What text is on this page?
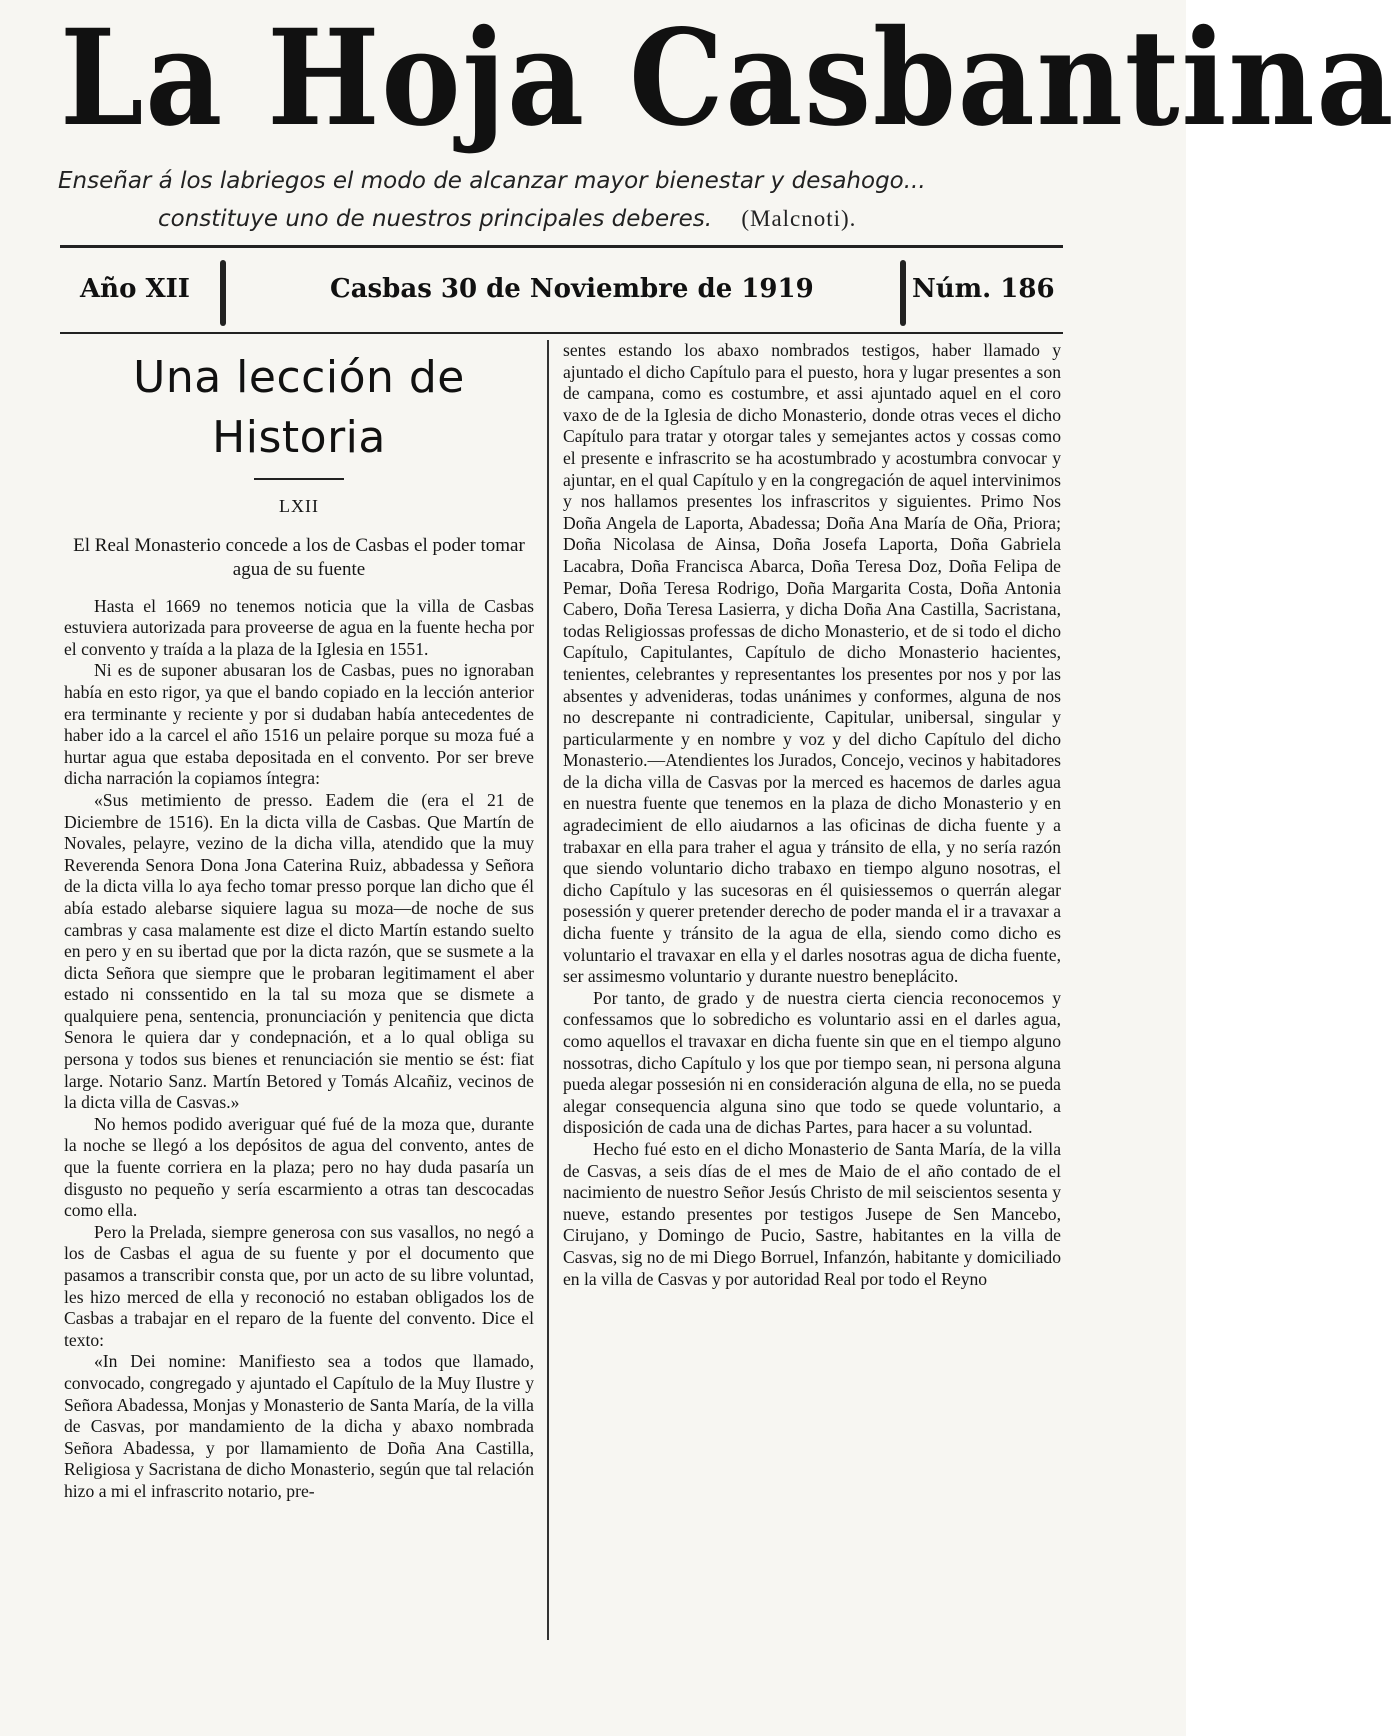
La Hoja Casbantina
Enseñar á los labriegos el modo de alcanzar mayor bienestar y desahogo...
constituye uno de nuestros principales deberes. (Malcnoti).
Año XII	Casbas 30 de Noviembre de 1919	Núm. 186
Una lección de Historia
LXII
El Real Monasterio concede a los de Casbas el poder tomar agua de su fuente

Hasta el 1669 no tenemos noticia que la villa de Casbas estuviera autorizada para proveerse de agua en la fuente hecha por el convento y traída a la plaza de la Iglesia en 1551.

Ni es de suponer abusaran los de Casbas, pues no ignoraban había en esto rigor, ya que el bando copiado en la lección anterior era terminante y reciente y por si dudaban había antecedentes de haber ido a la carcel el año 1516 un pelaire porque su moza fué a hurtar agua que estaba depositada en el convento. Por ser breve dicha narración la copiamos íntegra:

«Sus metimiento de presso. Eadem die (era el 21 de Diciembre de 1516). En la dicta villa de Casbas. Que Martín de Novales, pelayre, vezino de la dicha villa, atendido que la muy Reverenda Senora Dona Jona Caterina Ruiz, abbadessa y Señora de la dicta villa lo aya fecho tomar presso porque lan dicho que él abía estado alebarse siquiere lagua su moza—de noche de sus cambras y casa malamente est dize el dicto Martín estando suelto en pero y en su ibertad que por la dicta razón, que se susmete a la dicta Señora que siempre que le probaran legitimament el aber estado ni conssentido en la tal su moza que se dismete a qualquiere pena, sentencia, pronunciación y penitencia que dicta Senora le quiera dar y condepnación, et a lo qual obliga su persona y todos sus bienes et renunciación sie mentio se ést: fiat large. Notario Sanz. Martín Betored y Tomás Alcañiz, vecinos de la dicta villa de Casvas.»

No hemos podido averiguar qué fué de la moza que, durante la noche se llegó a los depósitos de agua del convento, antes de que la fuente corriera en la plaza; pero no hay duda pasaría un disgusto no pequeño y sería escarmiento a otras tan descocadas como ella.

Pero la Prelada, siempre generosa con sus vasallos, no negó a los de Casbas el agua de su fuente y por el documento que pasamos a transcribir consta que, por un acto de su libre voluntad, les hizo merced de ella y reconoció no estaban obligados los de Casbas a trabajar en el reparo de la fuente del convento. Dice el texto:

«In Dei nomine: Manifiesto sea a todos que llamado, convocado, congregado y ajuntado el Capítulo de la Muy Ilustre y Señora Abadessa, Monjas y Monasterio de Santa María, de la villa de Casvas, por mandamiento de la dicha y abaxo nombrada Señora Abadessa, y por llamamiento de Doña Ana Castilla, Religiosa y Sacristana de dicho Monasterio, según que tal relación hizo a mi el infrascrito notario, pre-

sentes estando los abaxo nombrados testigos, haber llamado y ajuntado el dicho Capítulo para el puesto, hora y lugar presentes a son de campana, como es costumbre, et assi ajuntado aquel en el coro vaxo de de la Iglesia de dicho Monasterio, donde otras veces el dicho Capítulo para tratar y otorgar tales y semejantes actos y cossas como el presente e infrascrito se ha acostumbrado y acostumbra convocar y ajuntar, en el qual Capítulo y en la congregación de aquel intervinimos y nos hallamos presentes los infrascritos y siguientes. Primo Nos Doña Angela de Laporta, Abadessa; Doña Ana María de Oña, Priora; Doña Nicolasa de Ainsa, Doña Josefa Laporta, Doña Gabriela Lacabra, Doña Francisca Abarca, Doña Teresa Doz, Doña Felipa de Pemar, Doña Teresa Rodrigo, Doña Margarita Costa, Doña Antonia Cabero, Doña Teresa Lasierra, y dicha Doña Ana Castilla, Sacristana, todas Religiossas professas de dicho Monasterio, et de si todo el dicho Capítulo, Capitulantes, Capítulo de dicho Monasterio hacientes, tenientes, celebrantes y representantes los presentes por nos y por las absentes y advenideras, todas unánimes y conformes, alguna de nos no descrepante ni contradiciente, Capitular, unibersal, singular y particularmente y en nombre y voz y del dicho Capítulo del dicho Monasterio.—Atendientes los Jurados, Concejo, vecinos y habitadores de la dicha villa de Casvas por la merced es hacemos de darles agua en nuestra fuente que tenemos en la plaza de dicho Monasterio y en agradecimient de ello aiudarnos a las oficinas de dicha fuente y a trabaxar en ella para traher el agua y tránsito de ella, y no sería razón que siendo voluntario dicho trabaxo en tiempo alguno nosotras, el dicho Capítulo y las sucesoras en él quisiessemos o querrán alegar posessión y querer pretender derecho de poder manda el ir a travaxar a dicha fuente y tránsito de la agua de ella, siendo como dicho es voluntario el travaxar en ella y el darles nosotras agua de dicha fuente, ser assimesmo voluntario y durante nuestro beneplácito.

Por tanto, de grado y de nuestra cierta ciencia reconocemos y confessamos que lo sobredicho es voluntario assi en el darles agua, como aquellos el travaxar en dicha fuente sin que en el tiempo alguno nossotras, dicho Capítulo y los que por tiempo sean, ni persona alguna pueda alegar possesión ni en consideración alguna de ella, no se pueda alegar consequencia alguna sino que todo se quede voluntario, a disposición de cada una de dichas Partes, para hacer a su voluntad.

Hecho fué esto en el dicho Monasterio de Santa María, de la villa de Casvas, a seis días de el mes de Maio de el año contado de el nacimiento de nuestro Señor Jesús Christo de mil seiscientos sesenta y nueve, estando presentes por testigos Jusepe de Sen Mancebo, Cirujano, y Domingo de Pucio, Sastre, habitantes en la villa de Casvas, sig no de mi Diego Borruel, Infanzón, habitante y domiciliado en la villa de Casvas y por autoridad Real por todo el Reyno
